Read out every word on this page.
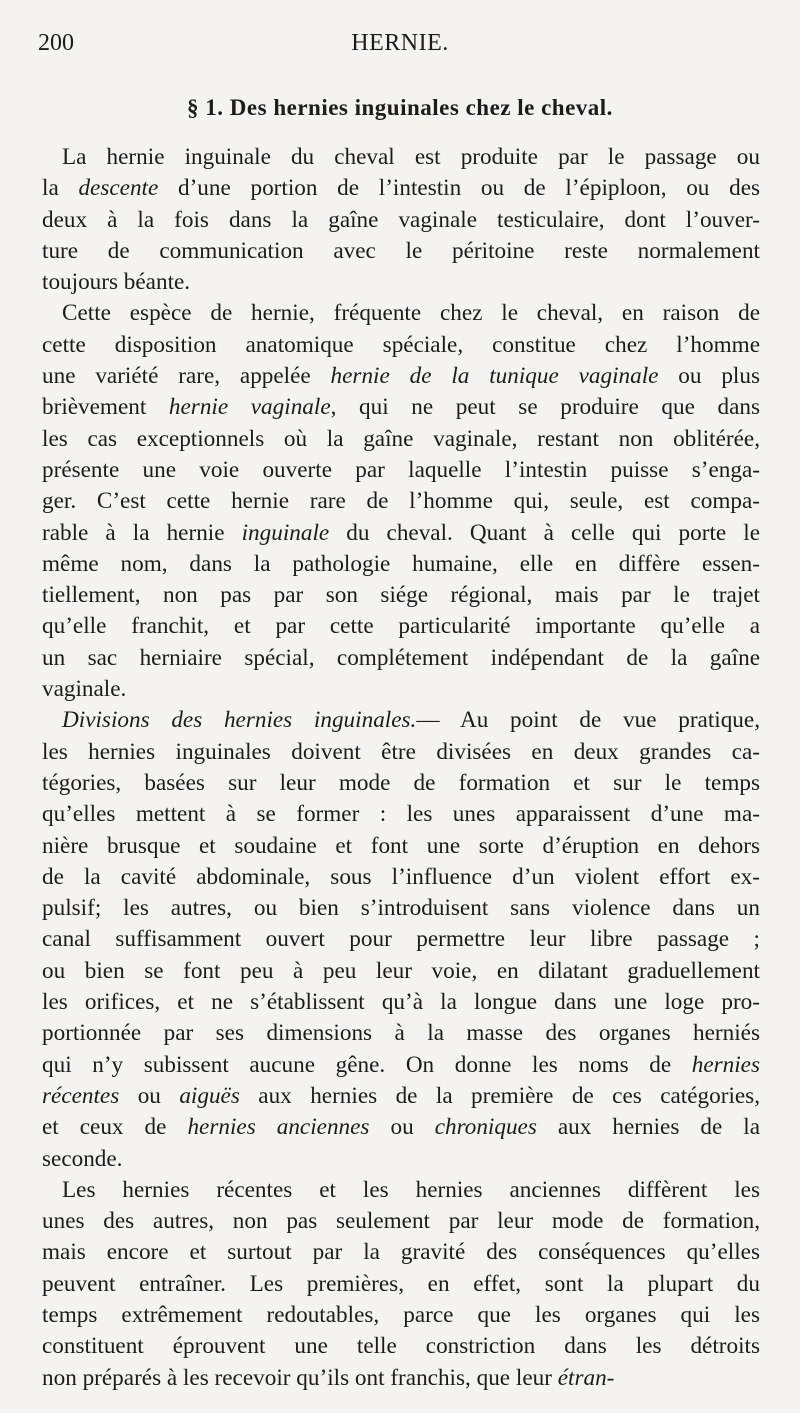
200	HERNIE.
§ 1. Des hernies inguinales chez le cheval.
La hernie inguinale du cheval est produite par le passage ou
la descente d’une portion de l’intestin ou de l’épiploon, ou des
deux à la fois dans la gaîne vaginale testiculaire, dont l’ouver-
ture de communication avec le péritoine reste normalement
toujours béante.
Cette espèce de hernie, fréquente chez le cheval, en raison de
cette disposition anatomique spéciale, constitue chez l’homme
une variété rare, appelée hernie de la tunique vaginale ou plus
brièvement hernie vaginale, qui ne peut se produire que dans
les cas exceptionnels où la gaîne vaginale, restant non oblitérée,
présente une voie ouverte par laquelle l’intestin puisse s’enga-
ger. C’est cette hernie rare de l’homme qui, seule, est compa-
rable à la hernie inguinale du cheval. Quant à celle qui porte le
même nom, dans la pathologie humaine, elle en diffère essen-
tiellement, non pas par son siége régional, mais par le trajet
qu’elle franchit, et par cette particularité importante qu’elle a
un sac herniaire spécial, complétement indépendant de la gaîne
vaginale.
Divisions des hernies inguinales.— Au point de vue pratique,
les hernies inguinales doivent être divisées en deux grandes ca-
tégories, basées sur leur mode de formation et sur le temps
qu’elles mettent à se former : les unes apparaissent d’une ma-
nière brusque et soudaine et font une sorte d’éruption en dehors
de la cavité abdominale, sous l’influence d’un violent effort ex-
pulsif; les autres, ou bien s’introduisent sans violence dans un
canal suffisamment ouvert pour permettre leur libre passage ;
ou bien se font peu à peu leur voie, en dilatant graduellement
les orifices, et ne s’établissent qu’à la longue dans une loge pro-
portionnée par ses dimensions à la masse des organes herniés
qui n’y subissent aucune gêne. On donne les noms de hernies
récentes ou aiguës aux hernies de la première de ces catégories,
et ceux de hernies anciennes ou chroniques aux hernies de la
seconde.
Les hernies récentes et les hernies anciennes diffèrent les
unes des autres, non pas seulement par leur mode de formation,
mais encore et surtout par la gravité des conséquences qu’elles
peuvent entraîner. Les premières, en effet, sont la plupart du
temps extrêmement redoutables, parce que les organes qui les
constituent éprouvent une telle constriction dans les détroits
non préparés à les recevoir qu’ils ont franchis, que leur étran-
